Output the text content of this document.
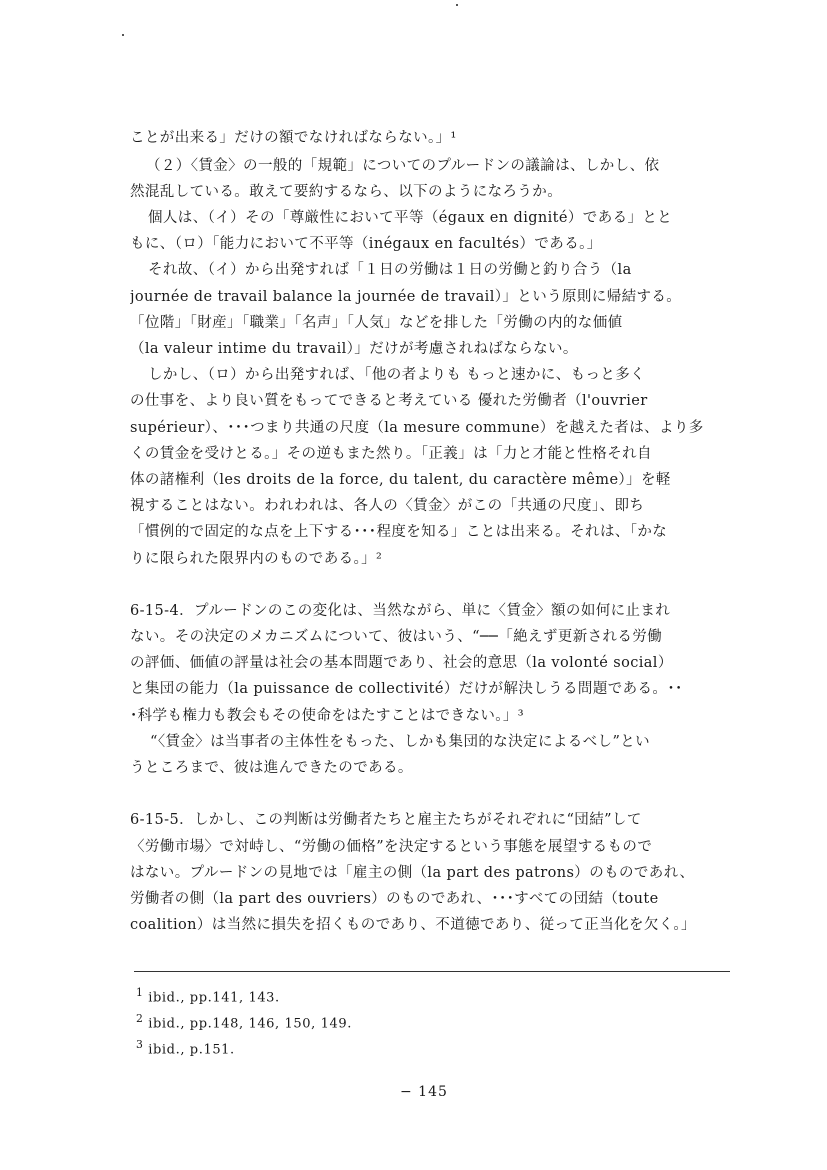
ことが出来る」だけの額でなければならない。」¹
（２）〈賃金〉の一般的「規範」についてのプルードンの議論は、しかし、依
然混乱している。敢えて要約するなら、以下のようになろうか。
個人は、（イ）その「尊厳性において平等（égaux en dignité）である」とと
もに、（ロ）「能力において不平等（inégaux en facultés）である。」
それ故、（イ）から出発すれば「１日の労働は１日の労働と釣り合う（la
journée de travail balance la journée de travail）」という原則に帰結する。
「位階」「財産」「職業」「名声」「人気」などを排した「労働の内的な価値
（la valeur intime du travail）」だけが考慮されねばならない。
しかし、（ロ）から出発すれば、「他の者よりも もっと速かに、もっと多く
の仕事を、より良い質をもってできると考えている 優れた労働者（l'ouvrier
supérieur）、･･･つまり共通の尺度（la mesure commune）を越えた者は、より多
くの賃金を受けとる。」その逆もまた然り。「正義」は「力と才能と性格それ自
体の諸権利（les droits de la force, du talent, du caractère même）」を軽
視することはない。われわれは、各人の〈賃金〉がこの「共通の尺度」、即ち
「慣例的で固定的な点を上下する･･･程度を知る」ことは出来る。それは、「かな
りに限られた限界内のものである。」²
6-15-4．プルードンのこの変化は、当然ながら、単に〈賃金〉額の如何に止まれ
ない。その決定のメカニズムについて、彼はいう、“──「絶えず更新される労働
の評価、価値の評量は社会の基本問題であり、社会的意思（la volonté social）
と集団の能力（la puissance de collectivité）だけが解決しうる問題である。･･
･科学も権力も教会もその使命をはたすことはできない。」³
“〈賃金〉は当事者の主体性をもった、しかも集団的な決定によるべし”とい
うところまで、彼は進んできたのである。
6-15-5．しかし、この判断は労働者たちと雇主たちがそれぞれに“団結”して
〈労働市場〉で対峙し、“労働の価格”を決定するという事態を展望するもので
はない。プルードンの見地では「雇主の側（la part des patrons）のものであれ、
労働者の側（la part des ouvriers）のものであれ、･･･すべての団結（toute
coalition）は当然に損失を招くものであり、不道徳であり、従って正当化を欠く。」
$^1$ ibid., pp.141, 143.
$^2$ ibid., pp.148, 146, 150, 149.
$^3$ ibid., p.151.
− 145
